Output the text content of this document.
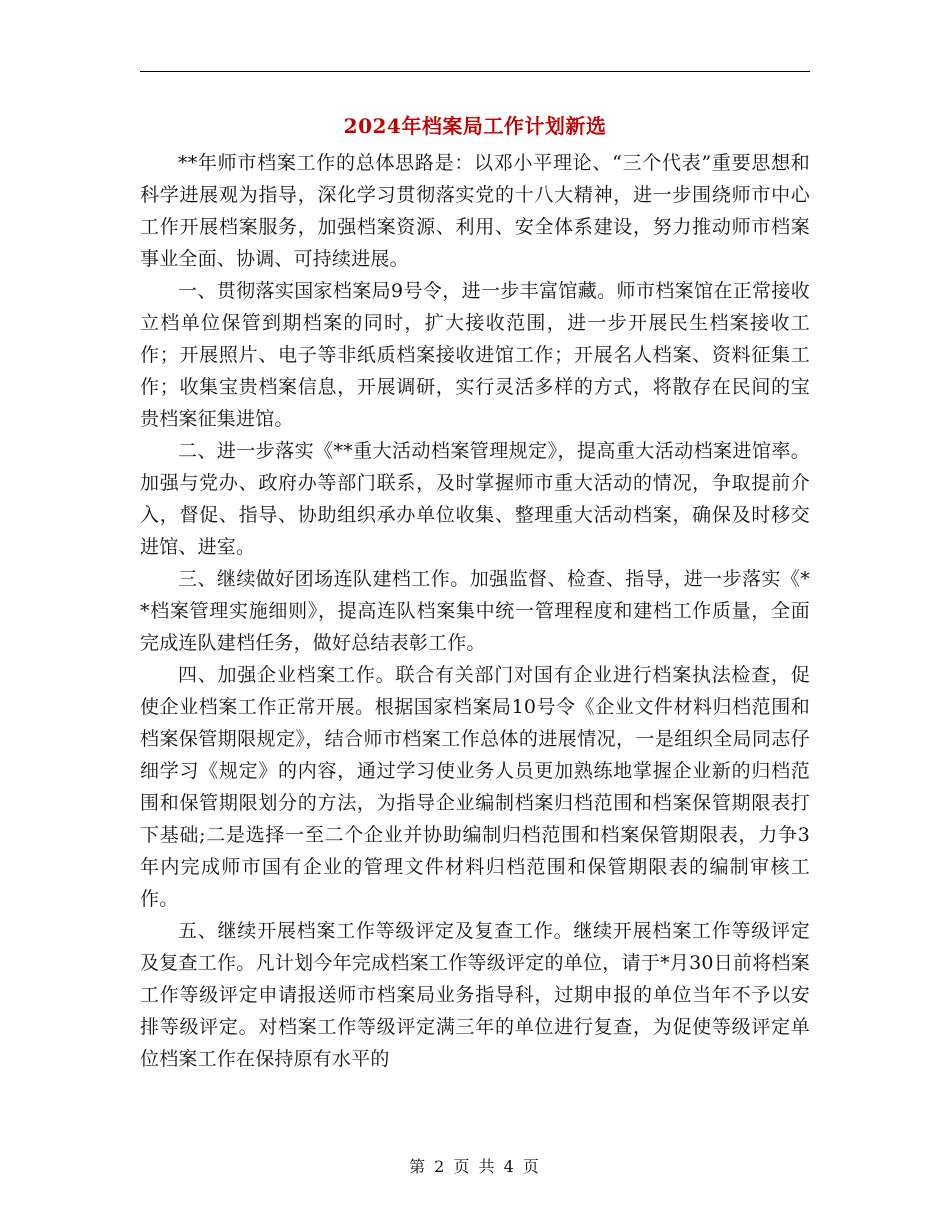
2024年档案局工作计划新选

**年师市档案工作的总体思路是：以邓小平理论、“三个代表”重要思想和科学进展观为指导，深化学习贯彻落实党的十八大精神，进一步围绕师市中心工作开展档案服务，加强档案资源、利用、安全体系建设，努力推动师市档案事业全面、协调、可持续进展。

一、贯彻落实国家档案局9号令，进一步丰富馆藏。师市档案馆在正常接收立档单位保管到期档案的同时，扩大接收范围，进一步开展民生档案接收工作；开展照片、电子等非纸质档案接收进馆工作；开展名人档案、资料征集工作；收集宝贵档案信息，开展调研，实行灵活多样的方式，将散存在民间的宝贵档案征集进馆。

二、进一步落实《**重大活动档案管理规定》，提高重大活动档案进馆率。加强与党办、政府办等部门联系，及时掌握师市重大活动的情况，争取提前介入，督促、指导、协助组织承办单位收集、整理重大活动档案，确保及时移交进馆、进室。

三、继续做好团场连队建档工作。加强监督、检查、指导，进一步落实《**档案管理实施细则》，提高连队档案集中统一管理程度和建档工作质量，全面完成连队建档任务，做好总结表彰工作。

四、加强企业档案工作。联合有关部门对国有企业进行档案执法检查，促使企业档案工作正常开展。根据国家档案局10号令《企业文件材料归档范围和档案保管期限规定》，结合师市档案工作总体的进展情况，一是组织全局同志仔细学习《规定》的内容，通过学习使业务人员更加熟练地掌握企业新的归档范围和保管期限划分的方法，为指导企业编制档案归档范围和档案保管期限表打下基础;二是选择一至二个企业并协助编制归档范围和档案保管期限表，力争3年内完成师市国有企业的管理文件材料归档范围和保管期限表的编制审核工作。

五、继续开展档案工作等级评定及复查工作。继续开展档案工作等级评定及复查工作。凡计划今年完成档案工作等级评定的单位，请于*月30日前将档案工作等级评定申请报送师市档案局业务指导科，过期申报的单位当年不予以安排等级评定。对档案工作等级评定满三年的单位进行复查，为促使等级评定单位档案工作在保持原有水平的

第 2 页 共 4 页
